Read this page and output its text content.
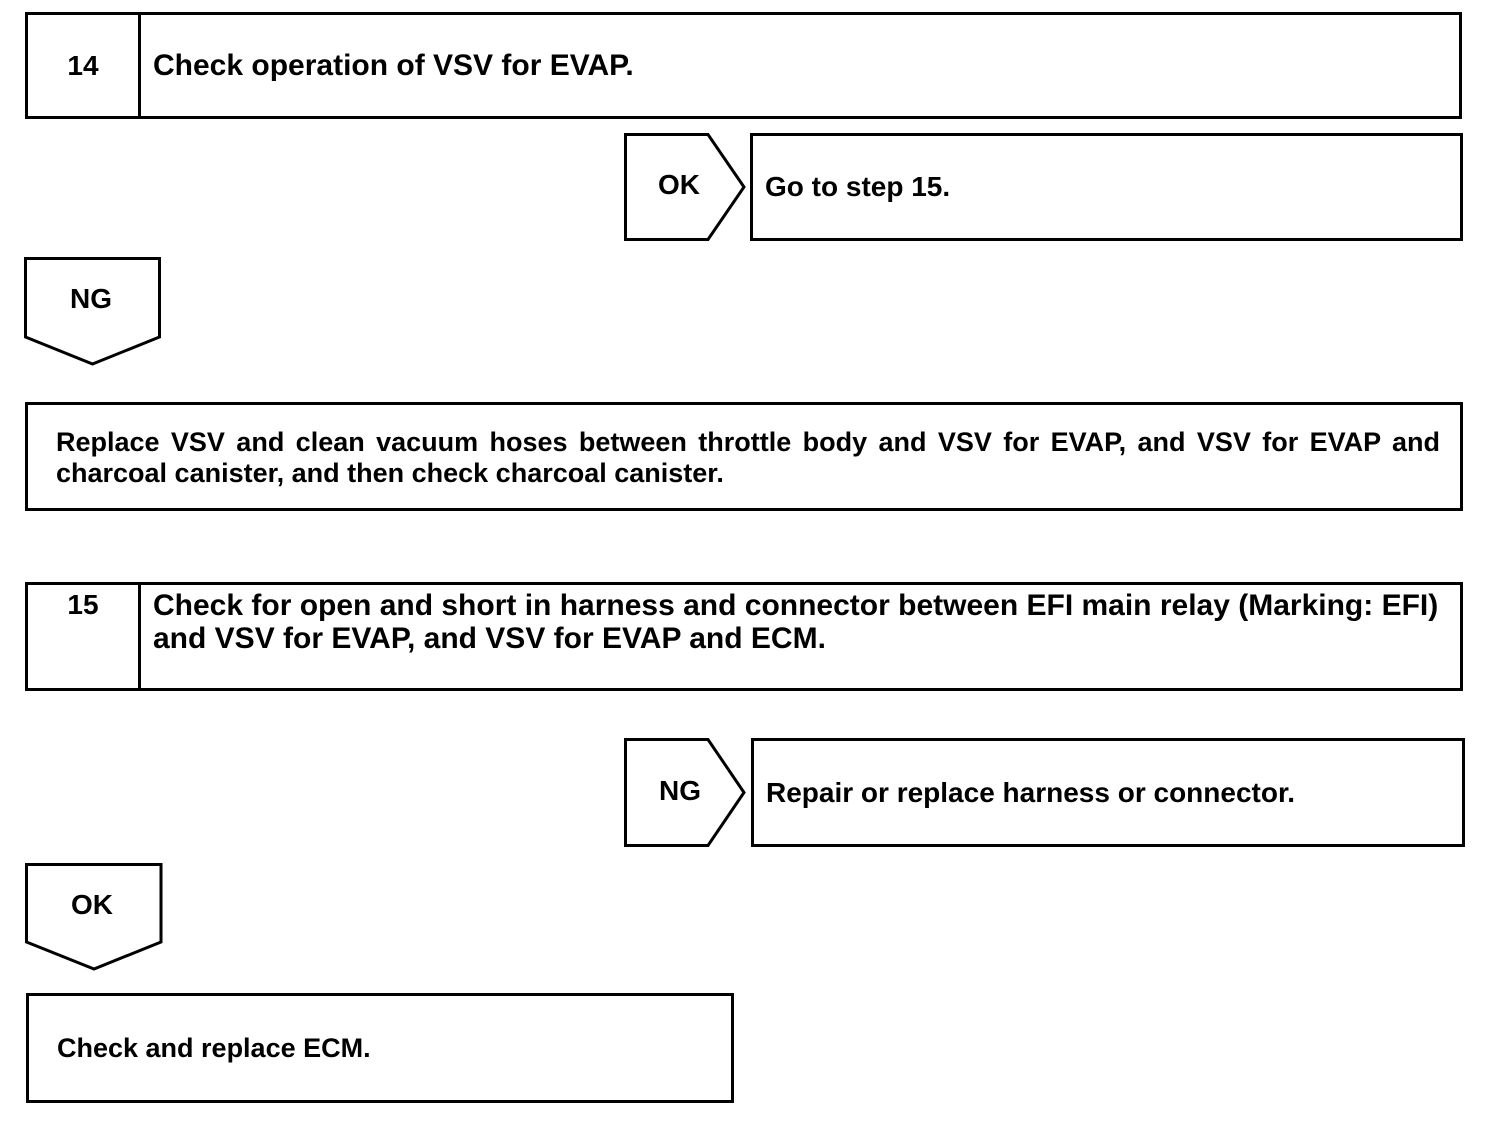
14	Check operation of VSV for EVAP.
OK	Go to step 15.
NG
Replace VSV and clean vacuum hoses between throttle body and VSV for EVAP, and VSV for EVAP and charcoal canister, and then check charcoal canister.
15	Check for open and short in harness and connector between EFI main relay (Marking: EFI) and VSV for EVAP, and VSV for EVAP and ECM.
NG	Repair or replace harness or connector.
OK
Check and replace ECM.
